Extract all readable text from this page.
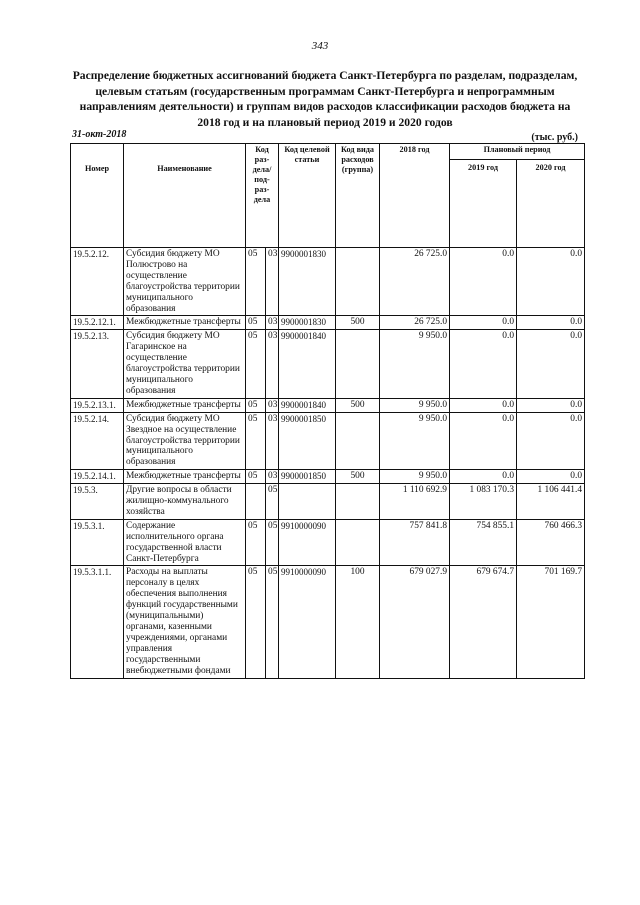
343
Распределение бюджетных ассигнований бюджета Санкт-Петербурга по разделам, подразделам, целевым статьям (государственным программам Санкт-Петербурга и непрограммным направлениям деятельности) и группам видов расходов классификации расходов бюджета на 2018 год и на плановый период 2019 и 2020 годов
31-окт-2018	(тыс. руб.)
Номер	Наименование	Код раз-дела/ под-раз-дела		Код целевой статьи	Код вида расходов (группа)	2018 год	Плановый период	
							2019 год	2020 год
19.5.2.12.	Субсидия бюджету МО Полюстрово на осуществление благоустройства территории муниципального образования	05	03	9900001830		26 725.0	0.0	0.0
19.5.2.12.1.	Межбюджетные трансферты	05	03	9900001830	500	26 725.0	0.0	0.0
19.5.2.13.	Субсидия бюджету МО Гагаринское на осуществление благоустройства территории муниципального образования	05	03	9900001840		9 950.0	0.0	0.0
19.5.2.13.1.	Межбюджетные трансферты	05	03	9900001840	500	9 950.0	0.0	0.0
19.5.2.14.	Субсидия бюджету МО Звездное на осуществление благоустройства территории муниципального образования	05	03	9900001850		9 950.0	0.0	0.0
19.5.2.14.1.	Межбюджетные трансферты	05	03	9900001850	500	9 950.0	0.0	0.0
19.5.3.	Другие вопросы в области жилищно-коммунального хозяйства		05			1 110 692.9	1 083 170.3	1 106 441.4
19.5.3.1.	Содержание исполнительного органа государственной власти Санкт-Петербурга	05	05	9910000090		757 841.8	754 855.1	760 466.3
19.5.3.1.1.	Расходы на выплаты персоналу в целях обеспечения выполнения функций государственными (муниципальными) органами, казенными учреждениями, органами управления государственными внебюджетными фондами	05	05	9910000090	100	679 027.9	679 674.7	701 169.7
